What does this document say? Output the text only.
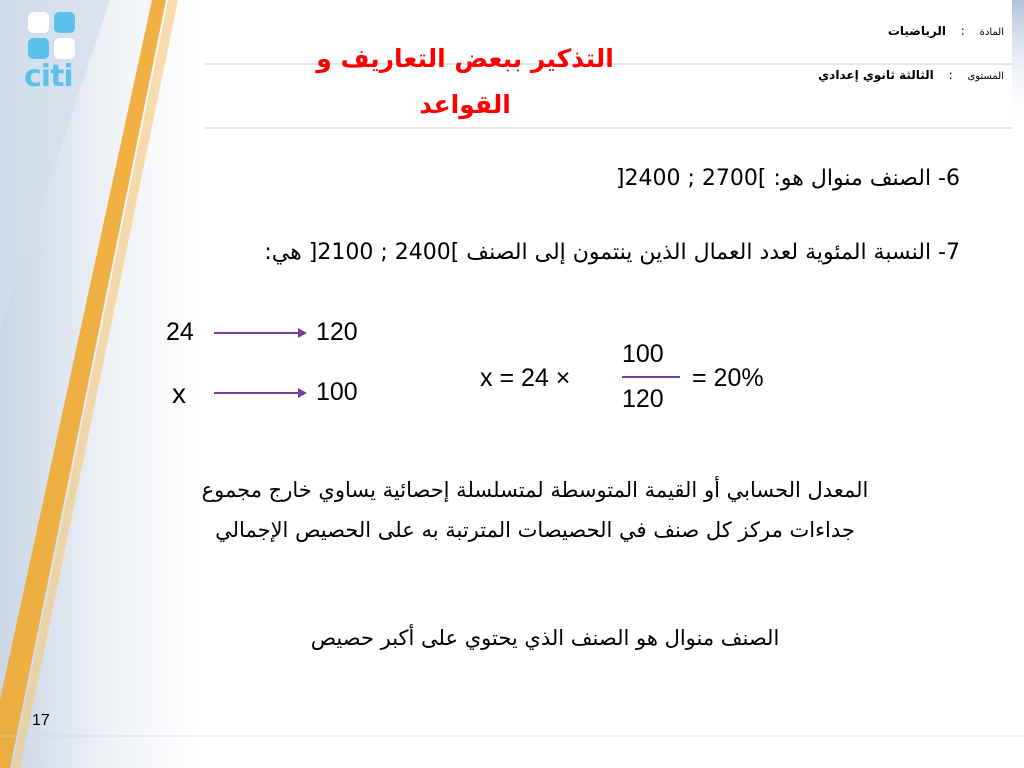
citi
التذكير ببعض التعاريف و القواعد
المادة : الرياضيات
المستوى : الثالثة ثانوي إعدادي
6- الصنف منوال هو: ]2700 ; 2400[
7- النسبة المئوية لعدد العمال الذين ينتمون إلى الصنف ]2400 ; 2100[ هي:
24	120
x	100	x = 24 ×
100
120
= 20%
المعدل الحسابي أو القيمة المتوسطة لمتسلسلة إحصائية يساوي خارج مجموع
جداءات مركز كل صنف في الحصيصات المترتبة به على الحصيص الإجمالي
الصنف منوال هو الصنف الذي يحتوي على أكبر حصيص
17
